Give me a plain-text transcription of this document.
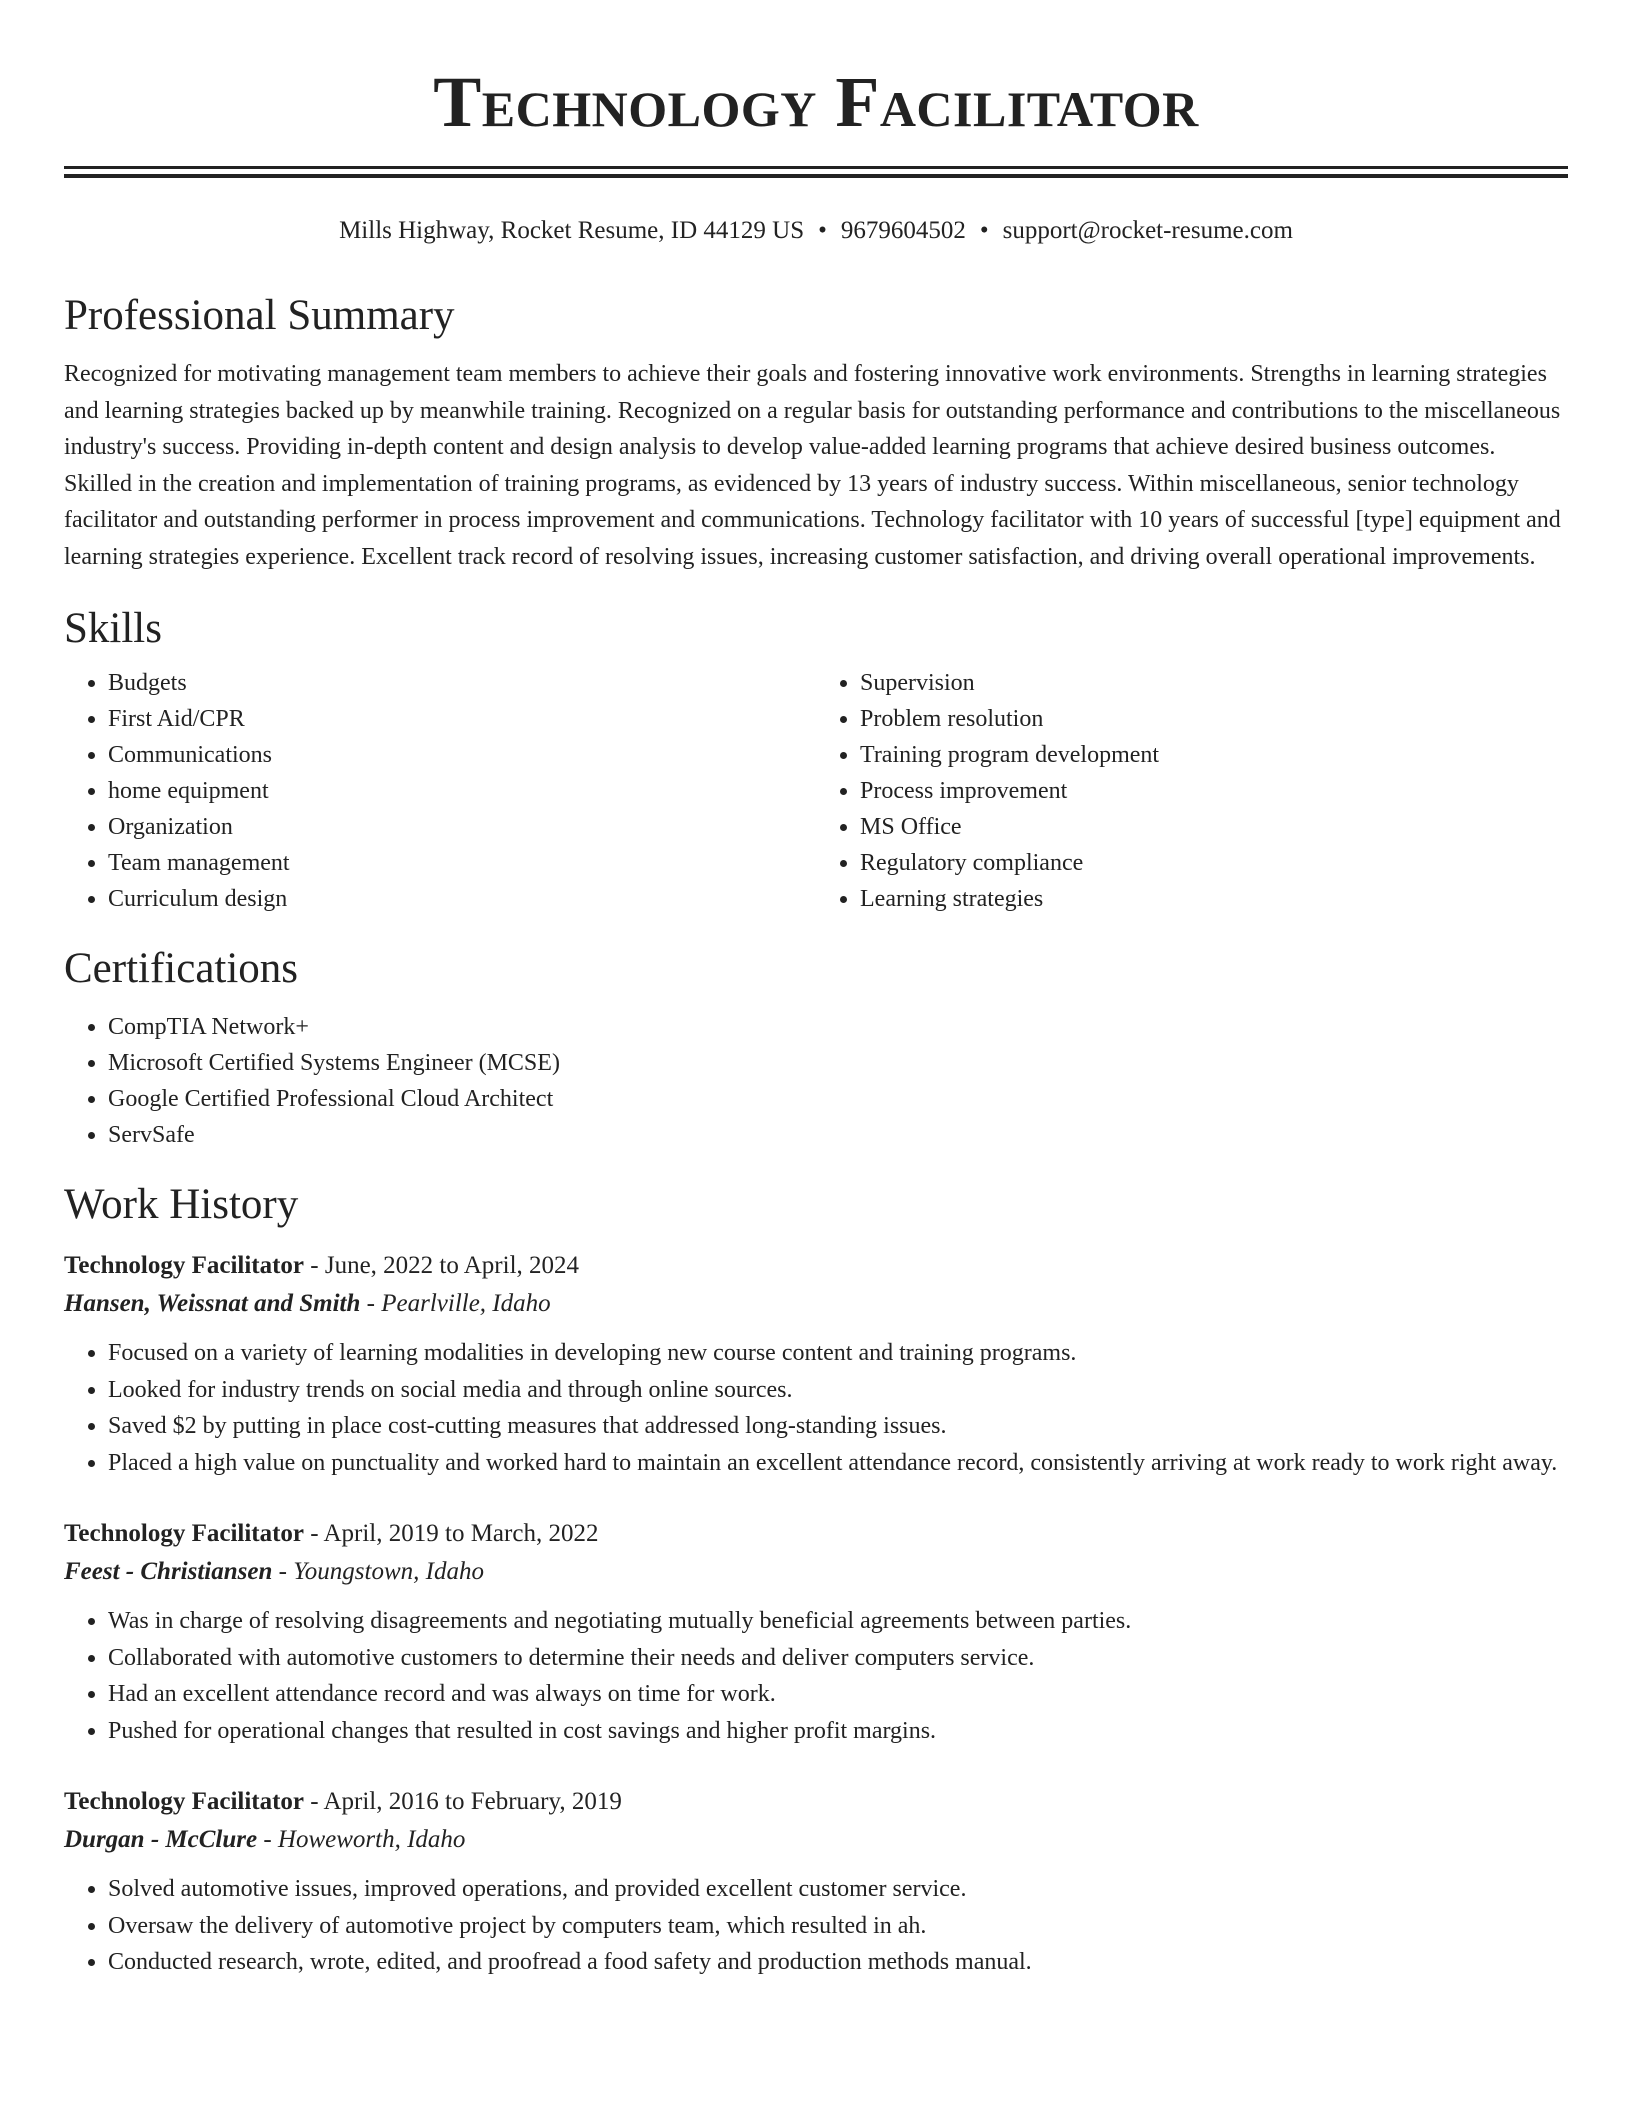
Technology Facilitator
Mills Highway, Rocket Resume, ID 44129 US • 9679604502 • support@rocket-resume.com
Professional Summary

Recognized for motivating management team members to achieve their goals and fostering innovative work environments. Strengths in learning strategies and learning strategies backed up by meanwhile training. Recognized on a regular basis for outstanding performance and contributions to the miscellaneous industry's success. Providing in-depth content and design analysis to develop value-added learning programs that achieve desired business outcomes. Skilled in the creation and implementation of training programs, as evidenced by 13 years of industry success. Within miscellaneous, senior technology facilitator and outstanding performer in process improvement and communications. Technology facilitator with 10 years of successful [type] equipment and learning strategies experience. Excellent track record of resolving issues, increasing customer satisfaction, and driving overall operational improvements.

Skills
• Budgets
• First Aid/CPR
• Communications
• home equipment
• Organization
• Team management
• Curriculum design
• Supervision
• Problem resolution
• Training program development
• Process improvement
• MS Office
• Regulatory compliance
• Learning strategies
Certifications
• CompTIA Network+
• Microsoft Certified Systems Engineer (MCSE)
• Google Certified Professional Cloud Architect
• ServSafe
Work History
Technology Facilitator - June, 2022 to April, 2024
Hansen, Weissnat and Smith - Pearlville, Idaho
• Focused on a variety of learning modalities in developing new course content and training programs.
• Looked for industry trends on social media and through online sources.
• Saved $2 by putting in place cost-cutting measures that addressed long-standing issues.
• Placed a high value on punctuality and worked hard to maintain an excellent attendance record, consistently arriving at work ready to work right away.
Technology Facilitator - April, 2019 to March, 2022
Feest - Christiansen - Youngstown, Idaho
• Was in charge of resolving disagreements and negotiating mutually beneficial agreements between parties.
• Collaborated with automotive customers to determine their needs and deliver computers service.
• Had an excellent attendance record and was always on time for work.
• Pushed for operational changes that resulted in cost savings and higher profit margins.
Technology Facilitator - April, 2016 to February, 2019
Durgan - McClure - Howeworth, Idaho
• Solved automotive issues, improved operations, and provided excellent customer service.
• Oversaw the delivery of automotive project by computers team, which resulted in ah.
• Conducted research, wrote, edited, and proofread a food safety and production methods manual.
